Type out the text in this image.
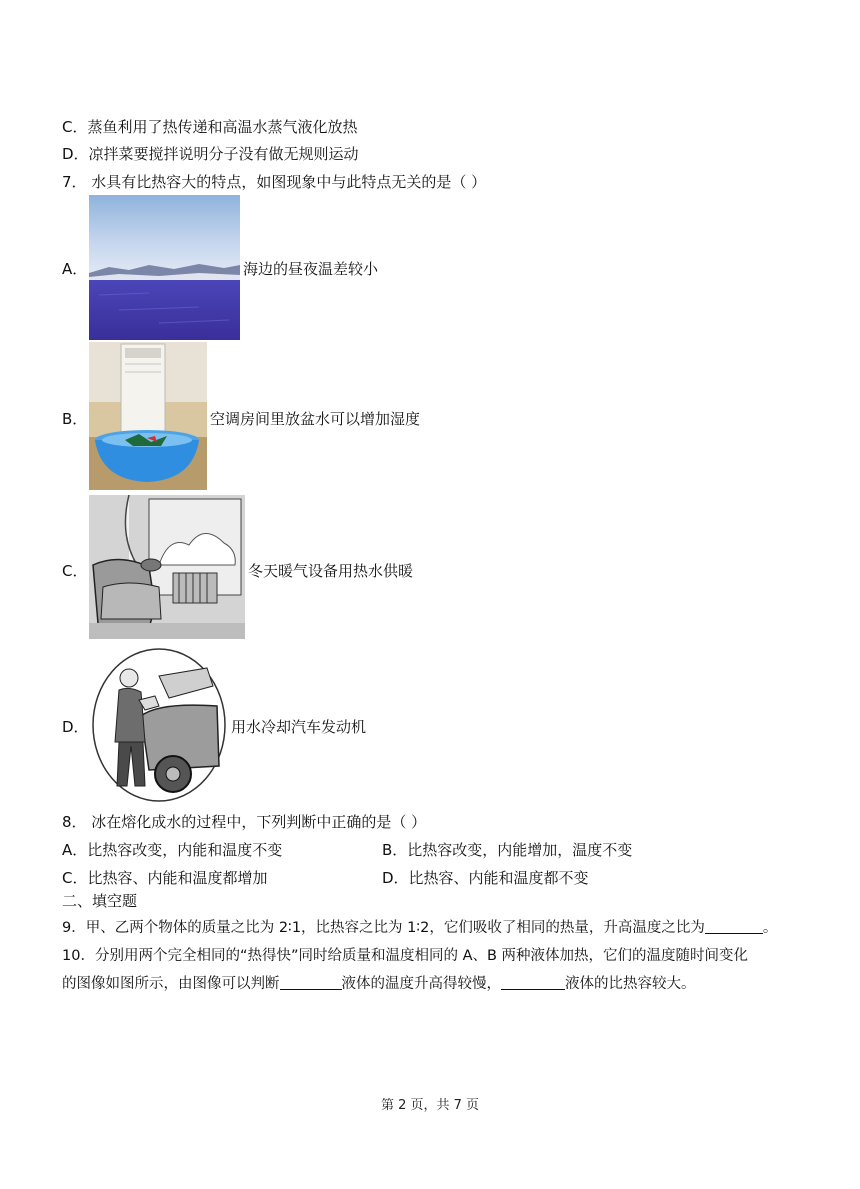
C．蒸鱼利用了热传递和高温水蒸气液化放热
D．凉拌菜要搅拌说明分子没有做无规则运动
7． 水具有比热容大的特点，如图现象中与此特点无关的是（ ）
A．	海边的昼夜温差较小
B．	空调房间里放盆水可以增加湿度
C．	冬天暖气设备用热水供暖
D．	用水冷却汽车发动机
8． 冰在熔化成水的过程中，下列判断中正确的是（ ）
A．比热容改变，内能和温度不变	B．比热容改变，内能增加，温度不变
C．比热容、内能和温度都增加	D．比热容、内能和温度都不变
二、填空题
9．甲、乙两个物体的质量之比为 2∶1，比热容之比为 1∶2，它们吸收了相同的热量，升高温度之比为	。
10．分别用两个完全相同的“热得快”同时给质量和温度相同的 A、B 两种液体加热，它们的温度随时间变化
的图像如图所示，由图像可以判断	液体的温度升高得较慢，	液体的比热容较大。
第 2 页，共 7 页
